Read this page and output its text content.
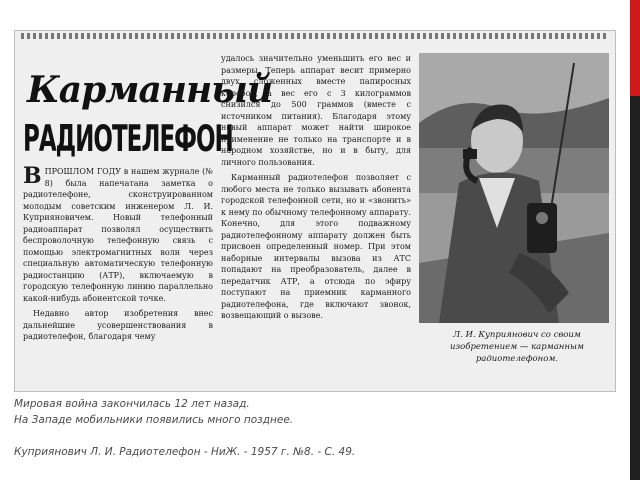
Карманный
РАДИОТЕЛЕФОН

ВПРОШЛОМ ГОДУ в нашем журнале (№ 8) была напечатана заметка о радиотелефоне, сконструированном молодым советским инженером Л. И. Куприяновичем. Новый телефонный радиоаппарат позволял осуществить беспроволочную телефонную связь с помощью электромагнитных волн через специальную автоматическую телефонную радиостанцию (АТР), включаемую в городскую телефонную линию параллельно какой-нибудь абонентской точке.

Недавно автор изобретения внес дальнейшие усовершенствования в радиотелефон, благодаря чему

удалось значительно уменьшить его вес и размеры. Теперь аппарат весит примерно двух сложенных вместе папиросных коробок, а вес его с 3 килограммов снизился до 500 граммов (вместе с источником питания). Благодаря этому новый аппарат может найти широкое применение не только на транспорте и в народном хозяйстве, но и в быту, для личного пользования.

Карманный радиотелефон позволяет с любого места не только вызывать абонента городской телефонной сети, но и «звонить» к нему по обычному телефонному аппарату. Конечно, для этого подважному радиотелефонному аппарату должен быть присвоен определенный номер. При этом наборные интервалы вызова из АТС попадают на преобразователь, далее в передатчик АТР, а отсюда по эфиру поступают на приемник карманного радиотелефона, где включают звонок, возвещающий о вызове.

Л. И. Куприянович со своим изобретением — карманным радиотелефоном.
Мировая война закончилась 12 лет назад.
На Западе мобильники появились много позднее.
Куприянович Л. И. Радиотелефон - НиЖ. - 1957 г. №8. - С. 49.
